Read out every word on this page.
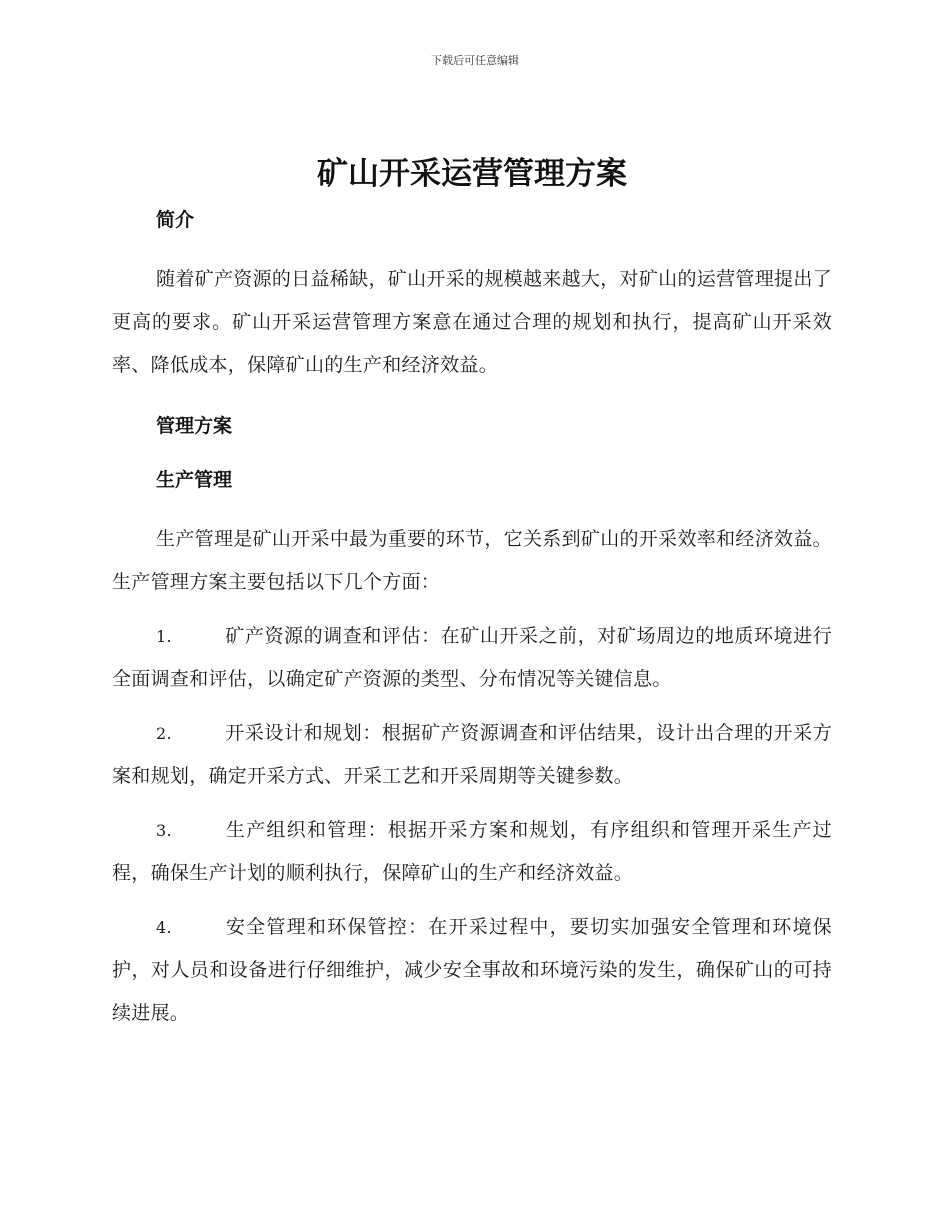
下载后可任意编辑
矿山开采运营管理方案
简介

随着矿产资源的日益稀缺，矿山开采的规模越来越大，对矿山的运营管理提出了更高的要求。矿山开采运营管理方案意在通过合理的规划和执行，提高矿山开采效率、降低成本，保障矿山的生产和经济效益。

管理方案
生产管理

生产管理是矿山开采中最为重要的环节，它关系到矿山的开采效率和经济效益。生产管理方案主要包括以下几个方面：

1.	矿产资源的调查和评估：在矿山开采之前，对矿场周边的地质环境进行全面调查和评估，以确定矿产资源的类型、分布情况等关键信息。

2.	开采设计和规划：根据矿产资源调查和评估结果，设计出合理的开采方案和规划，确定开采方式、开采工艺和开采周期等关键参数。

3.	生产组织和管理：根据开采方案和规划，有序组织和管理开采生产过程，确保生产计划的顺利执行，保障矿山的生产和经济效益。

4.	安全管理和环保管控：在开采过程中，要切实加强安全管理和环境保护，对人员和设备进行仔细维护，减少安全事故和环境污染的发生，确保矿山的可持续进展。
